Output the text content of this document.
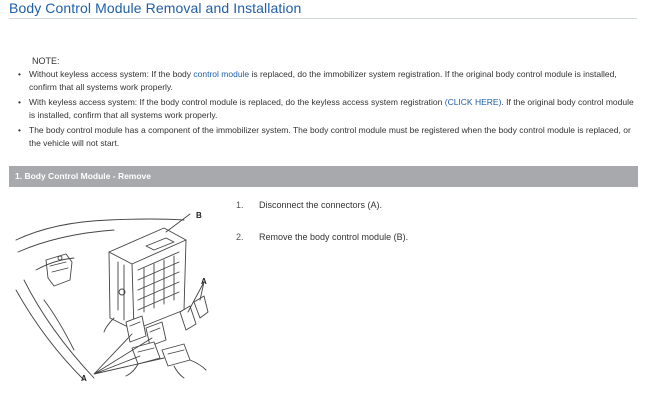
Body Control Module Removal and Installation
NOTE:
• Without keyless access system: If the body control module is replaced, do the immobilizer system registration. If the original body control module is installed, confirm that all systems work properly.
• With keyless access system: If the body control module is replaced, do the keyless access system registration (CLICK HERE). If the original body control module is installed, confirm that all systems work properly.
• The body control module has a component of the immobilizer system. The body control module must be registered when the body control module is replaced, or the vehicle will not start.
1. Body Control Module - Remove
B
A
A
1. Disconnect the connectors (A).
2. Remove the body control module (B).
